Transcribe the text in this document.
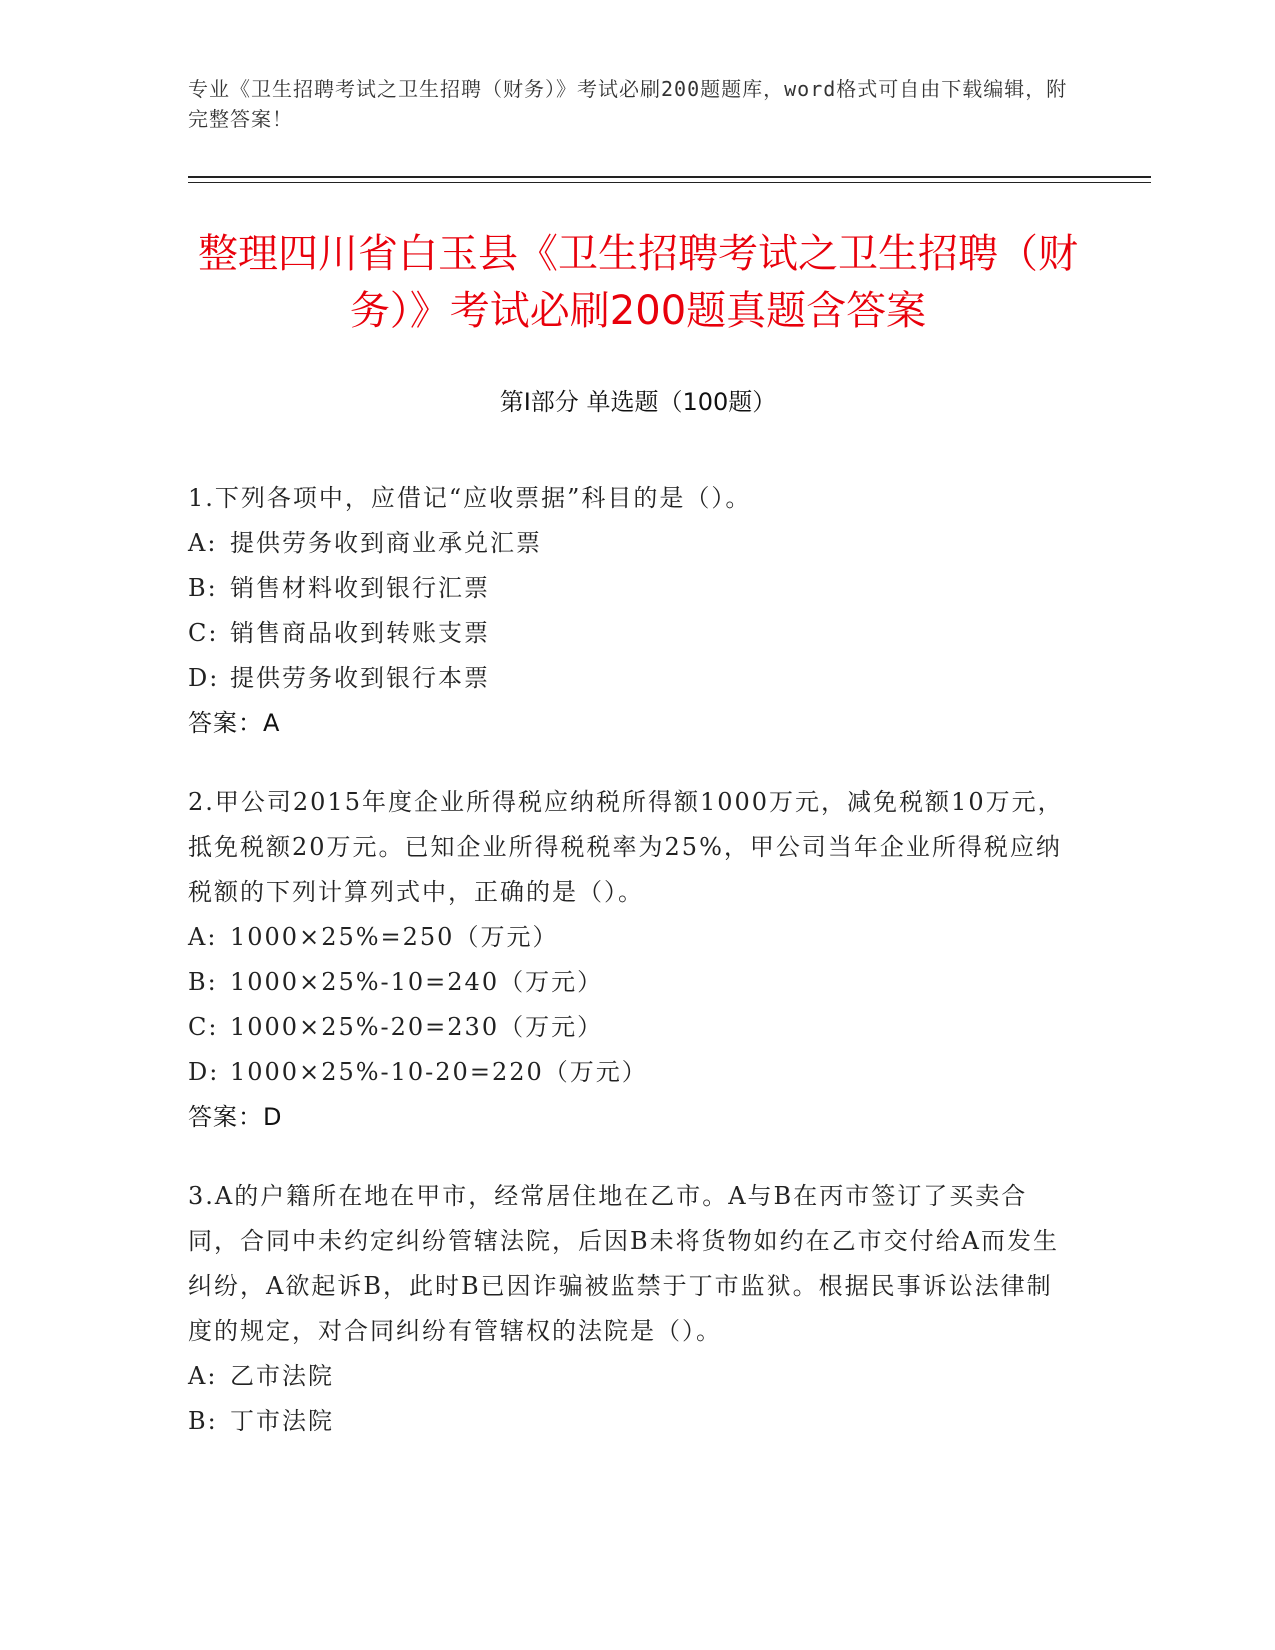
专业《卫生招聘考试之卫生招聘（财务）》考试必刷200题题库，word格式可自由下载编辑，附完整答案！
整理四川省白玉县《卫生招聘考试之卫生招聘（财务）》考试必刷200题真题含答案
第I部分 单选题（100题）
1.下列各项中，应借记“应收票据”科目的是（）。
A: 提供劳务收到商业承兑汇票
B: 销售材料收到银行汇票
C: 销售商品收到转账支票
D: 提供劳务收到银行本票
答案：A
2.甲公司2015年度企业所得税应纳税所得额1000万元，减免税额10万元，抵免税额20万元。已知企业所得税税率为25%，甲公司当年企业所得税应纳税额的下列计算列式中，正确的是（）。
A: 1000×25%=250（万元）
B: 1000×25%-10=240（万元）
C: 1000×25%-20=230（万元）
D: 1000×25%-10-20=220（万元）
答案：D
3.A的户籍所在地在甲市，经常居住地在乙市。A与B在丙市签订了买卖合同，合同中未约定纠纷管辖法院，后因B未将货物如约在乙市交付给A而发生纠纷，A欲起诉B，此时B已因诈骗被监禁于丁市监狱。根据民事诉讼法律制度的规定，对合同纠纷有管辖权的法院是（）。
A: 乙市法院
B: 丁市法院
